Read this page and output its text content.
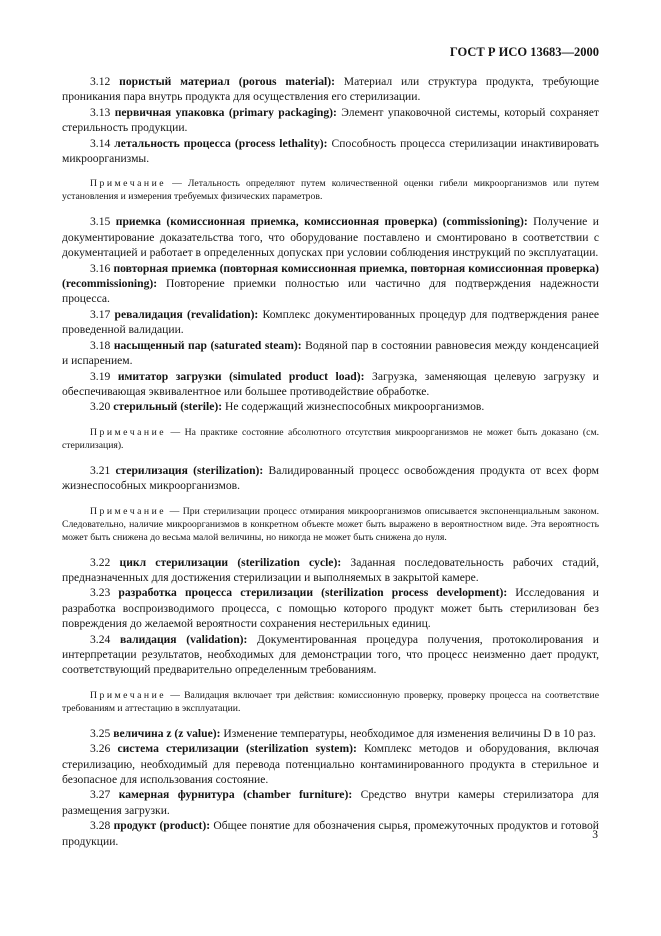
ГОСТ Р ИСО 13683—2000

3.12 пористый материал (porous material): Материал или структура продукта, требующие проникания пара внутрь продукта для осуществления его стерилизации.

3.13 первичная упаковка (primary packaging): Элемент упаковочной системы, который сохраняет стерильность продукции.

3.14 летальность процесса (process lethality): Способность процесса стерилизации инактивировать микроорганизмы.

Примечание — Летальность определяют путем количественной оценки гибели микроорганизмов или путем установления и измерения требуемых физических параметров.

3.15 приемка (комиссионная приемка, комиссионная проверка) (commissioning): Получение и документирование доказательства того, что оборудование поставлено и смонтировано в соответствии с документацией и работает в определенных допусках при условии соблюдения инструкций по эксплуатации.

3.16 повторная приемка (повторная комиссионная приемка, повторная комиссионная проверка) (recommissioning): Повторение приемки полностью или частично для подтверждения надежности процесса.

3.17 ревалидация (revalidation): Комплекс документированных процедур для подтверждения ранее проведенной валидации.

3.18 насыщенный пар (saturated steam): Водяной пар в состоянии равновесия между конденсацией и испарением.

3.19 имитатор загрузки (simulated product load): Загрузка, заменяющая целевую загрузку и обеспечивающая эквивалентное или большее противодействие обработке.

3.20 стерильный (sterile): Не содержащий жизнеспособных микроорганизмов.

Примечание — На практике состояние абсолютного отсутствия микроорганизмов не может быть доказано (см. стерилизация).

3.21 стерилизация (sterilization): Валидированный процесс освобождения продукта от всех форм жизнеспособных микроорганизмов.

Примечание — При стерилизации процесс отмирания микроорганизмов описывается экспоненциальным законом. Следовательно, наличие микроорганизмов в конкретном объекте может быть выражено в вероятностном виде. Эта вероятность может быть снижена до весьма малой величины, но никогда не может быть снижена до нуля.

3.22 цикл стерилизации (sterilization cycle): Заданная последовательность рабочих стадий, предназначенных для достижения стерилизации и выполняемых в закрытой камере.

3.23 разработка процесса стерилизации (sterilization process development): Исследования и разработка воспроизводимого процесса, с помощью которого продукт может быть стерилизован без повреждения до желаемой вероятности сохранения нестерильных единиц.

3.24 валидация (validation): Документированная процедура получения, протоколирования и интерпретации результатов, необходимых для демонстрации того, что процесс неизменно дает продукт, соответствующий предварительно определенным требованиям.

Примечание — Валидация включает три действия: комиссионную проверку, проверку процесса на соответствие требованиям и аттестацию в эксплуатации.

3.25 величина z (z value): Изменение температуры, необходимое для изменения величины D в 10 раз.

3.26 система стерилизации (sterilization system): Комплекс методов и оборудования, включая стерилизацию, необходимый для перевода потенциально контаминированного продукта в стерильное и безопасное для использования состояние.

3.27 камерная фурнитура (chamber furniture): Средство внутри камеры стерилизатора для размещения загрузки.

3.28 продукт (product): Общее понятие для обозначения сырья, промежуточных продуктов и готовой продукции.	3
